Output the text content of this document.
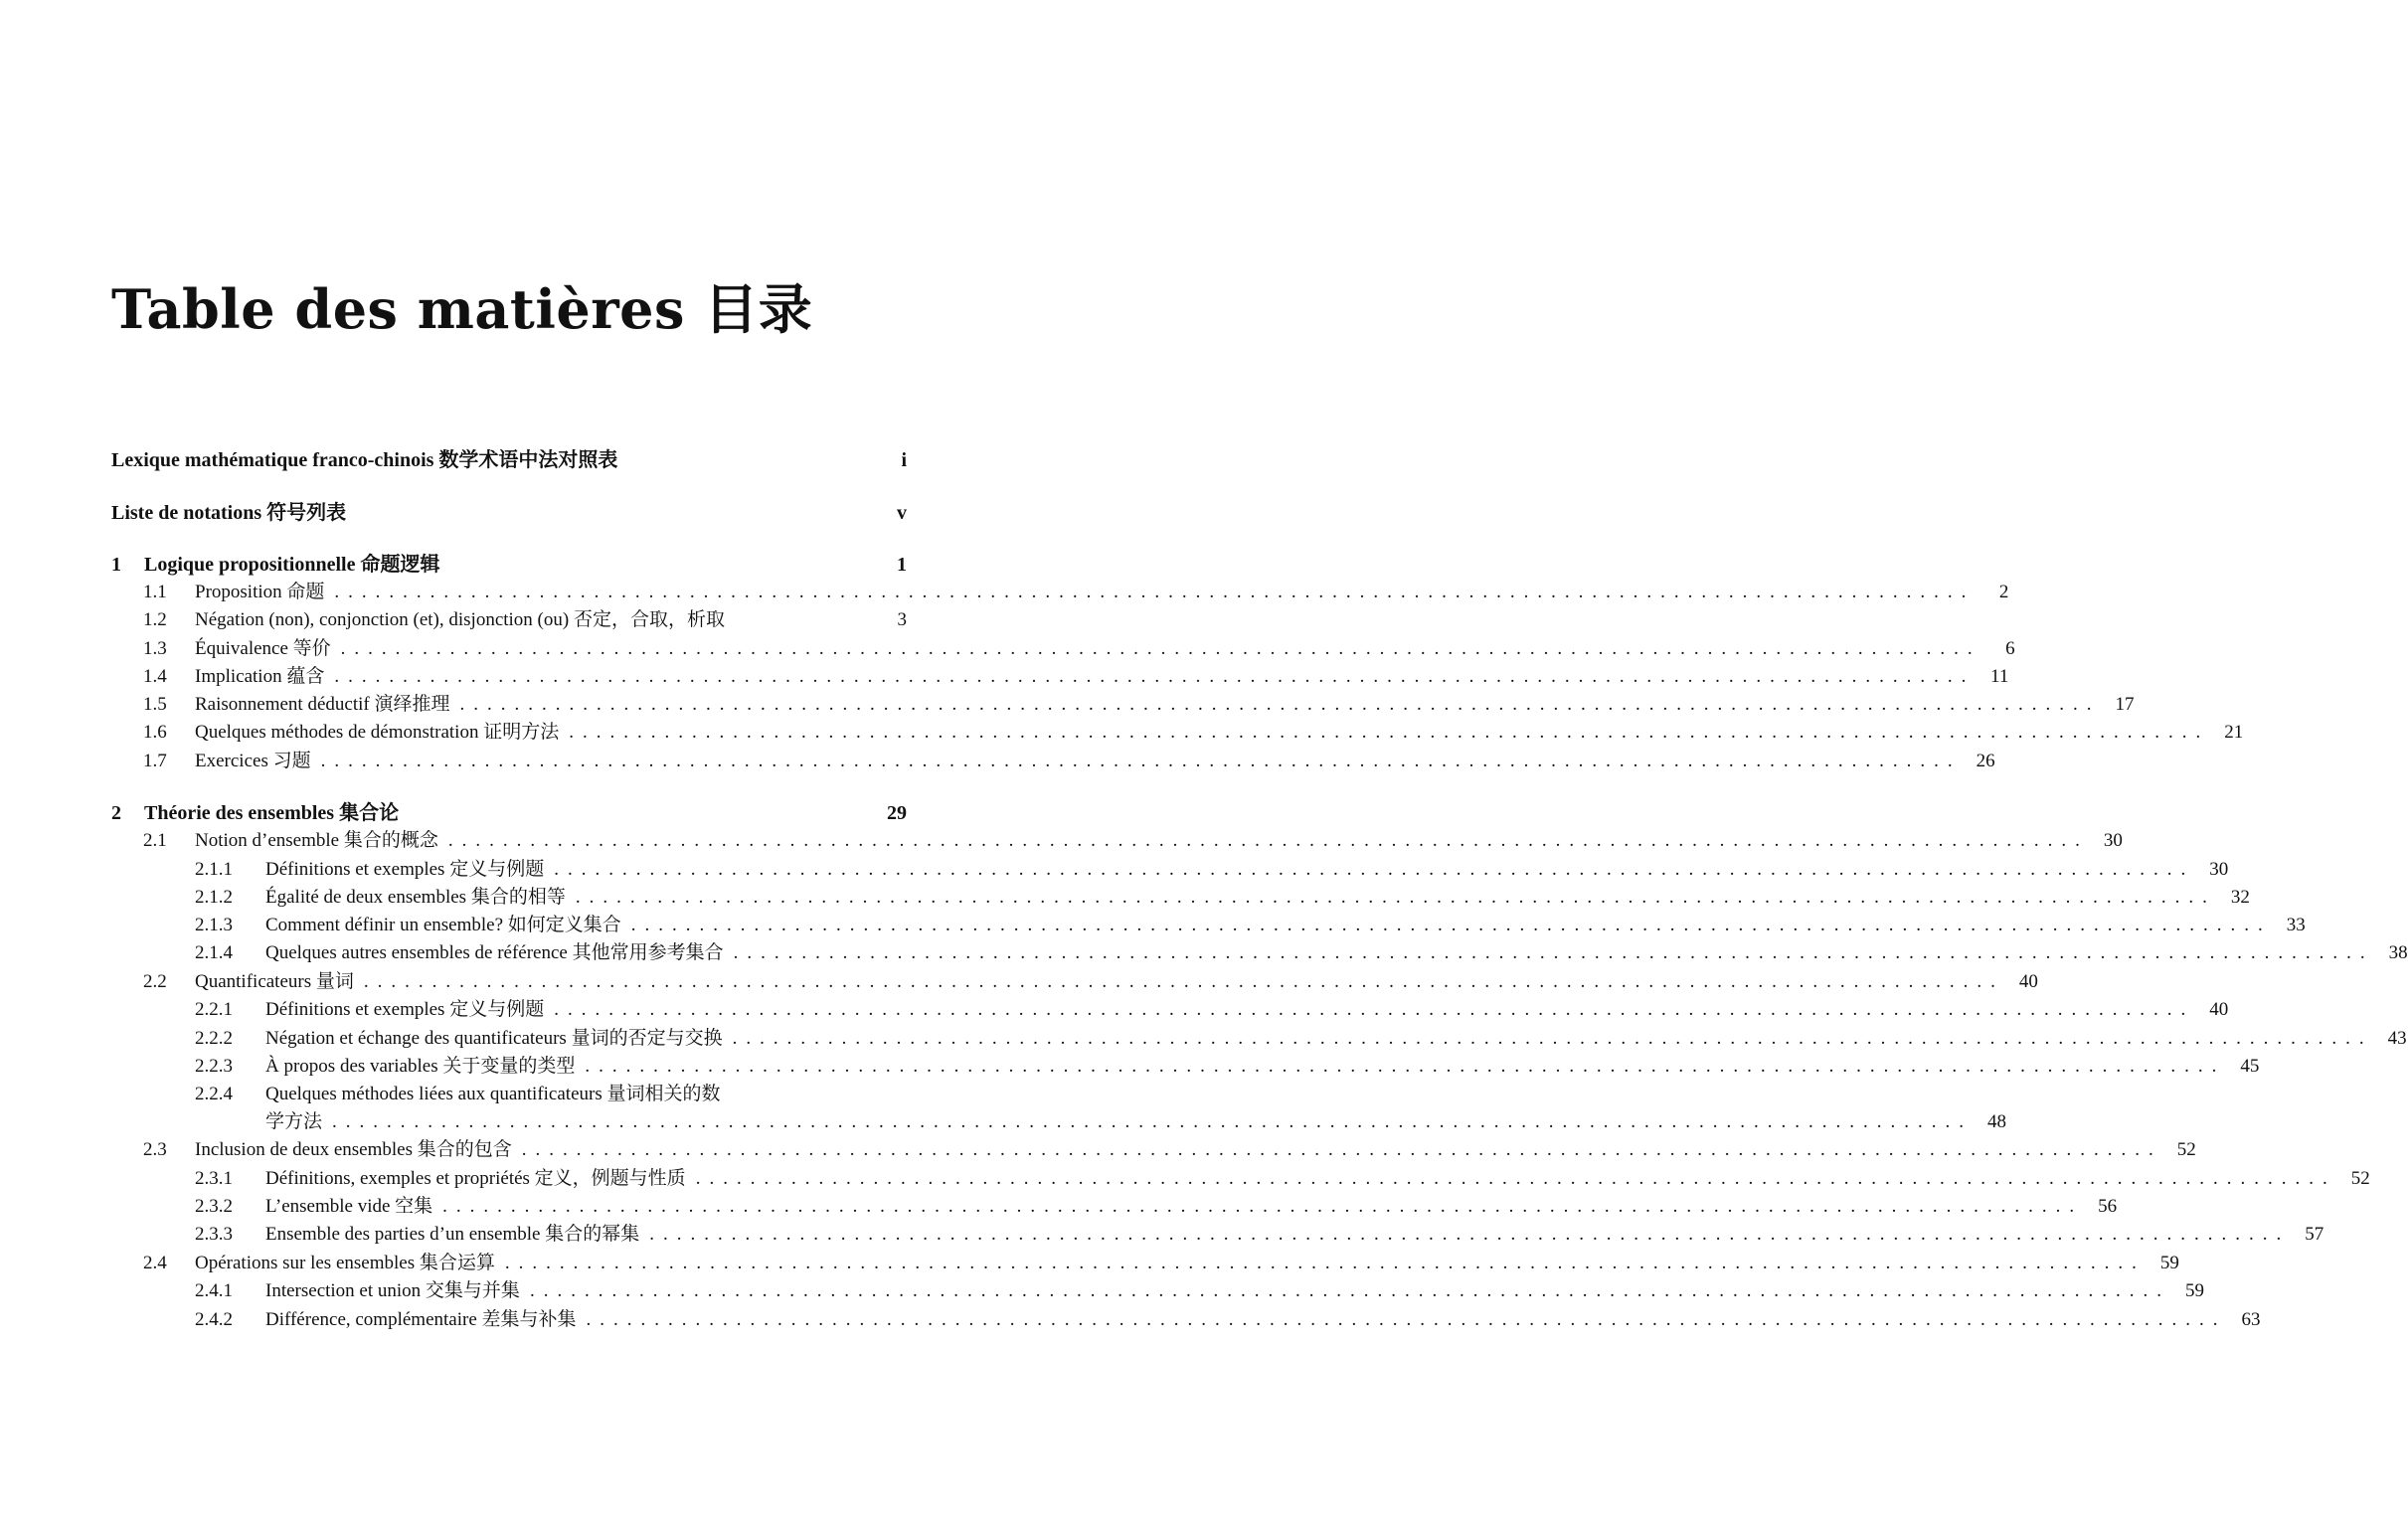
Table des matières 目录
Lexique mathématique franco-chinois 数学术语中法对照表	i
Liste de notations 符号列表	v
1	Logique propositionnelle 命题逻辑	1
1.1	Proposition 命题 ........................................................................................................................	2
1.2	Négation (non), conjonction (et), disjonction (ou) 否定，合取，析取	3
1.3	Équivalence 等价 ........................................................................................................................	6
1.4	Implication 蕴含 ........................................................................................................................ 11
1.5	Raisonnement déductif 演绎推理 ........................................................................................................................ 17
1.6	Quelques méthodes de démonstration 证明方法 ........................................................................................................................ 21
1.7	Exercices 习题 ........................................................................................................................ 26
2	Théorie des ensembles 集合论	29
2.1	Notion d’ensemble 集合的概念 ........................................................................................................................ 30
2.1.1	Définitions et exemples 定义与例题 ........................................................................................................................ 30
2.1.2	Égalité de deux ensembles 集合的相等 ........................................................................................................................ 32
2.1.3	Comment définir un ensemble? 如何定义集合 ........................................................................................................................ 33
2.1.4	Quelques autres ensembles de référence 其他常用参考集合 ........................................................................................................................ 38
2.2	Quantificateurs 量词 ........................................................................................................................ 40
2.2.1	Définitions et exemples 定义与例题 ........................................................................................................................ 40
2.2.2	Négation et échange des quantificateurs 量词的否定与交换 ........................................................................................................................ 43
2.2.3	À propos des variables 关于变量的类型 ........................................................................................................................ 45
2.2.4	Quelques méthodes liées aux quantificateurs 量词相关的数
学方法 ........................................................................................................................ 48
2.3	Inclusion de deux ensembles 集合的包含 ........................................................................................................................ 52
2.3.1	Définitions, exemples et propriétés 定义，例题与性质 ........................................................................................................................ 52
2.3.2	L’ensemble vide 空集 ........................................................................................................................ 56
2.3.3	Ensemble des parties d’un ensemble 集合的幂集 ........................................................................................................................ 57
2.4	Opérations sur les ensembles 集合运算 ........................................................................................................................ 59
2.4.1	Intersection et union 交集与并集 ........................................................................................................................ 59
2.4.2	Différence, complémentaire 差集与补集 ........................................................................................................................ 63
